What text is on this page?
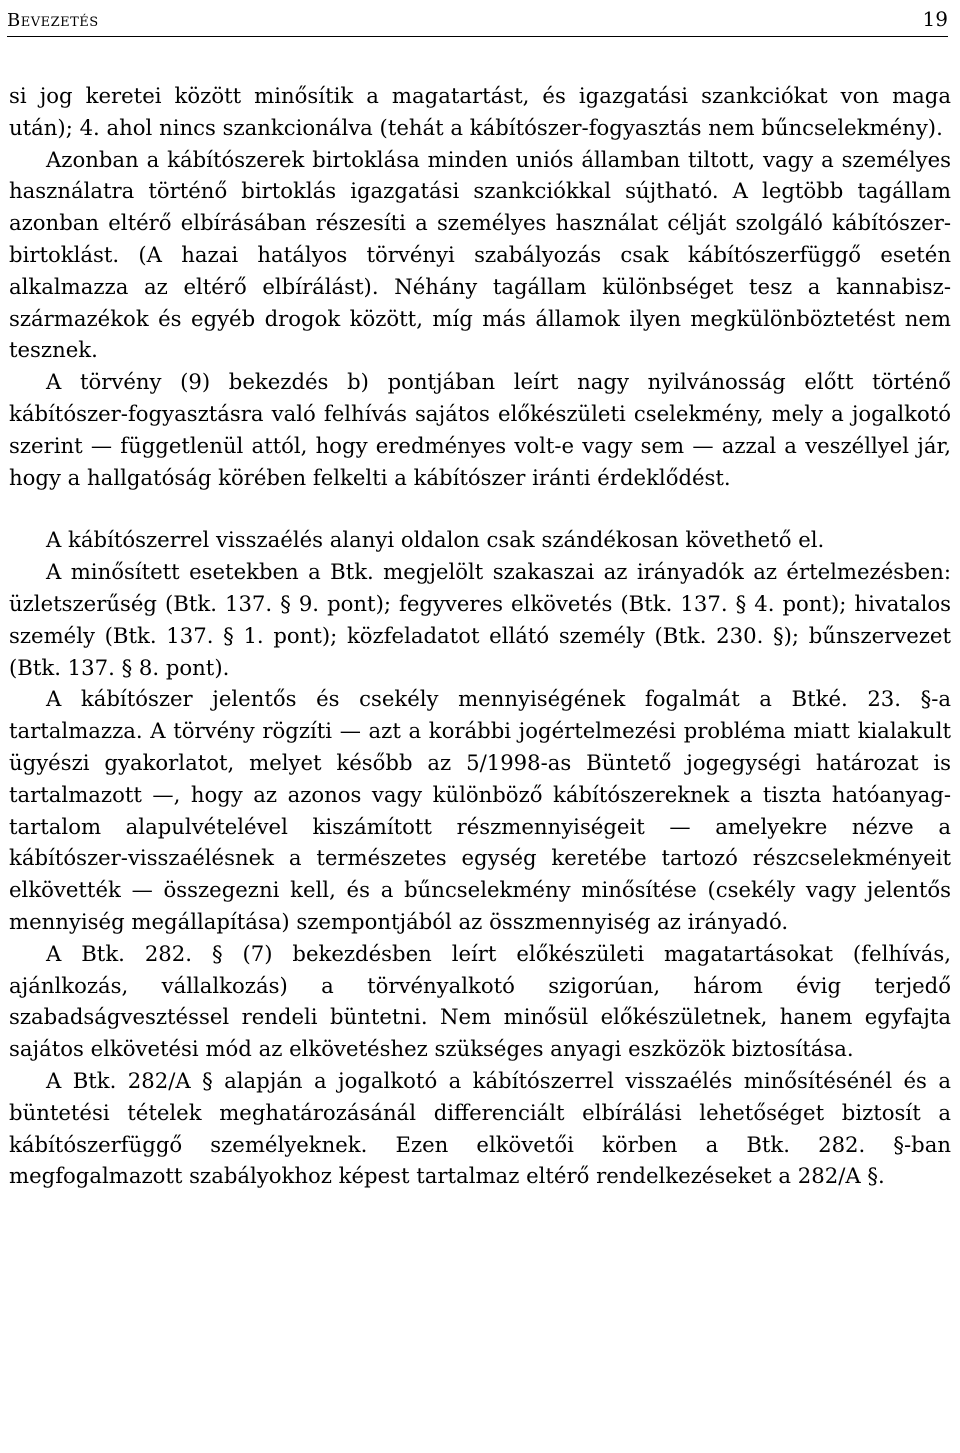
Bevezetés	19

si jog keretei között minősítik a magatartást, és igazgatási szankciókat von maga után); 4. ahol nincs szankcionálva (tehát a kábítószer-fogyasztás nem bűncselekmény).

Azonban a kábítószerek birtoklása minden uniós államban tiltott, vagy a személyes használatra történő birtoklás igazgatási szankciókkal sújtható. A legtöbb tagállam azonban eltérő elbírásában részesíti a személyes használat célját szolgáló kábítószer-birtoklást. (A hazai hatályos törvényi szabályozás csak kábítószerfüggő esetén alkalmazza az eltérő elbírálást). Néhány tagállam különbséget tesz a kannabisz-származékok és egyéb drogok között, míg más államok ilyen megkülönböztetést nem tesznek.

A törvény (9) bekezdés b) pontjában leírt nagy nyilvánosság előtt történő kábítószer-fogyasztásra való felhívás sajátos előkészületi cselekmény, mely a jogalkotó szerint — függetlenül attól, hogy eredményes volt-e vagy sem — azzal a veszéllyel jár, hogy a hallgatóság körében felkelti a kábítószer iránti érdeklődést.

A kábítószerrel visszaélés alanyi oldalon csak szándékosan követhető el.

A minősített esetekben a Btk. megjelölt szakaszai az irányadók az értelmezésben: üzletszerűség (Btk. 137. § 9. pont); fegyveres elkövetés (Btk. 137. § 4. pont); hivatalos személy (Btk. 137. § 1. pont); közfeladatot ellátó személy (Btk. 230. §); bűnszervezet (Btk. 137. § 8. pont).

A kábítószer jelentős és csekély mennyiségének fogalmát a Btké. 23. §-a tartalmazza. A törvény rögzíti — azt a korábbi jogértelmezési probléma miatt kialakult ügyészi gyakorlatot, melyet később az 5/1998-as Büntető jogegységi határozat is tartalmazott —, hogy az azonos vagy különböző kábítószereknek a tiszta hatóanyag-tartalom alapulvételével kiszámított részmennyiségeit — amelyekre nézve a kábítószer-visszaélésnek a természetes egység keretébe tartozó részcselekményeit elkövették — összegezni kell, és a bűncselekmény minősítése (csekély vagy jelentős mennyiség megállapítása) szempontjából az összmennyiség az irányadó.

A Btk. 282. § (7) bekezdésben leírt előkészületi magatartásokat (felhívás, ajánlkozás, vállalkozás) a törvényalkotó szigorúan, három évig terjedő szabadságvesztéssel rendeli büntetni. Nem minősül előkészületnek, hanem egyfajta sajátos elkövetési mód az elkövetéshez szükséges anyagi eszközök biztosítása.

A Btk. 282/A § alapján a jogalkotó a kábítószerrel visszaélés minősítésénél és a büntetési tételek meghatározásánál differenciált elbírálási lehetőséget biztosít a kábítószerfüggő személyeknek. Ezen elkövetői körben a Btk. 282. §-ban megfogalmazott szabályokhoz képest tartalmaz eltérő rendelkezéseket a 282/A §.
